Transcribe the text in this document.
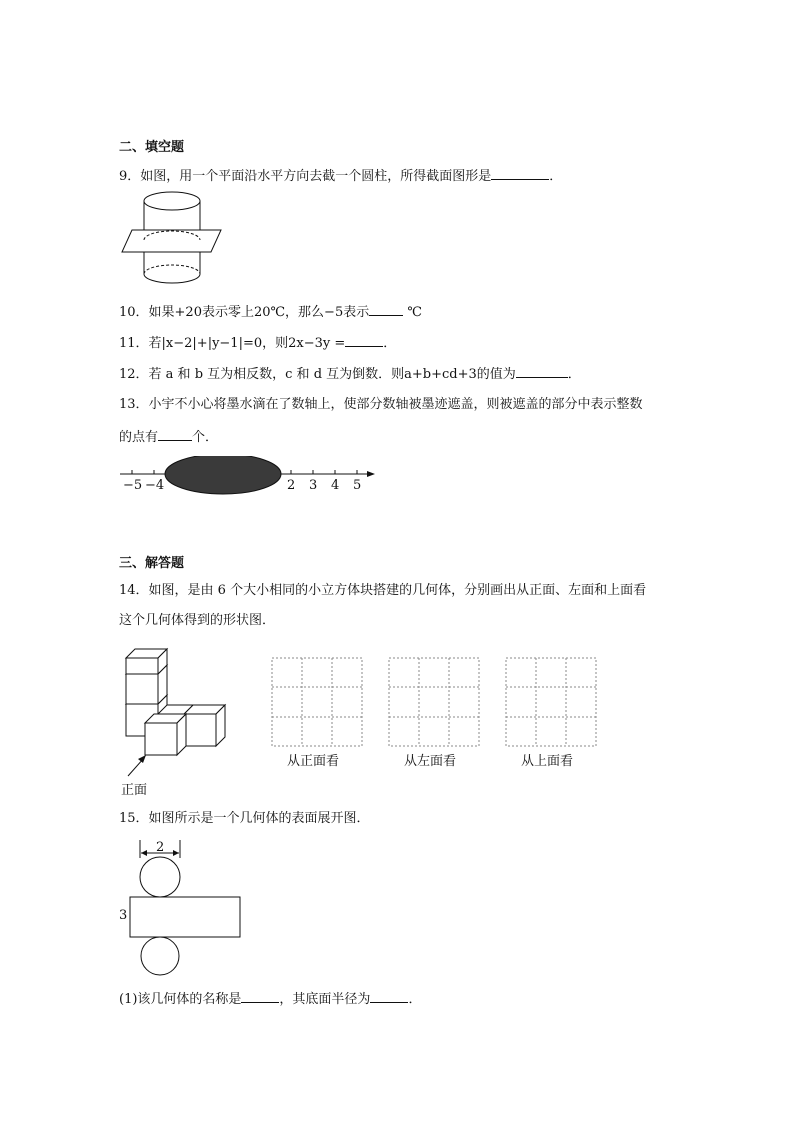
二、填空题
9．如图，用一个平面沿水平方向去截一个圆柱，所得截面图形是	．
10．如果+20表示零上20℃，那么−5表示	℃
11．若|x−2|+|y−1|=0，则2x−3y =	．
12．若 a 和 b 互为相反数，c 和 d 互为倒数．则a+b+cd+3的值为	．
13．小宇不小心将墨水滴在了数轴上，使部分数轴被墨迹遮盖，则被遮盖的部分中表示整数
的点有	个．
−5 −4	2 3 4 5
三、解答题
14．如图，是由 6 个大小相同的小立方体块搭建的几何体，分别画出从正面、左面和上面看
这个几何体得到的形状图．
正面
从正面看	从左面看	从上面看
15．如图所示是一个几何体的表面展开图．
2
3
(1)该几何体的名称是	，其底面半径为	．
